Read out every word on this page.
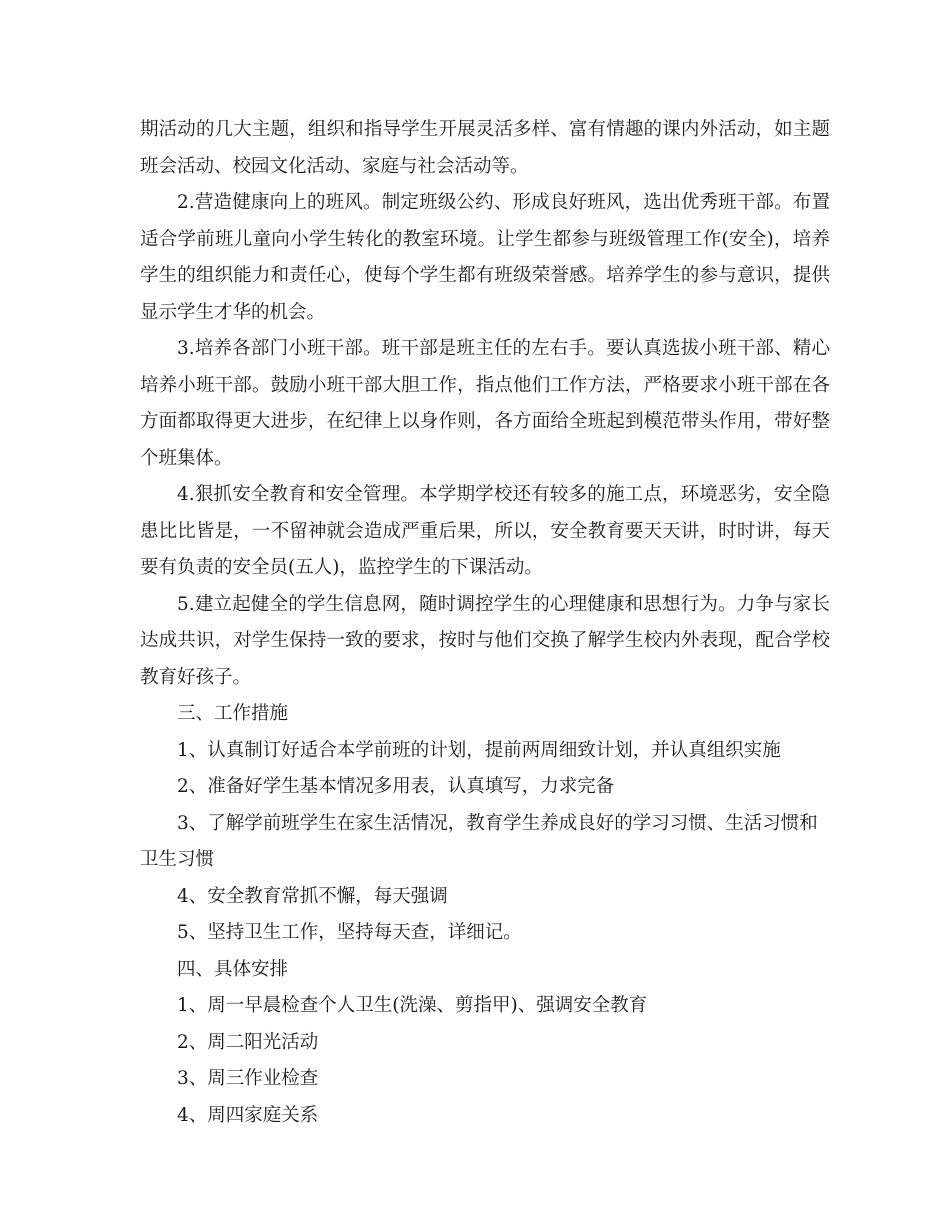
期活动的几大主题，组织和指导学生开展灵活多样、富有情趣的课内外活动，如主题班会活动、校园文化活动、家庭与社会活动等。

2.营造健康向上的班风。制定班级公约、形成良好班风，选出优秀班干部。布置适合学前班儿童向小学生转化的教室环境。让学生都参与班级管理工作(安全)，培养学生的组织能力和责任心，使每个学生都有班级荣誉感。培养学生的参与意识，提供显示学生才华的机会。

3.培养各部门小班干部。班干部是班主任的左右手。要认真选拔小班干部、精心培养小班干部。鼓励小班干部大胆工作，指点他们工作方法，严格要求小班干部在各方面都取得更大进步，在纪律上以身作则，各方面给全班起到模范带头作用，带好整个班集体。

4.狠抓安全教育和安全管理。本学期学校还有较多的施工点，环境恶劣，安全隐患比比皆是，一不留神就会造成严重后果，所以，安全教育要天天讲，时时讲，每天要有负责的安全员(五人)，监控学生的下课活动。

5.建立起健全的学生信息网，随时调控学生的心理健康和思想行为。力争与家长达成共识，对学生保持一致的要求，按时与他们交换了解学生校内外表现，配合学校教育好孩子。

三、工作措施

1、认真制订好适合本学前班的计划，提前两周细致计划，并认真组织实施

2、准备好学生基本情况多用表，认真填写，力求完备

3、了解学前班学生在家生活情况，教育学生养成良好的学习习惯、生活习惯和卫生习惯

4、安全教育常抓不懈，每天强调

5、坚持卫生工作，坚持每天查，详细记。

四、具体安排

1、周一早晨检查个人卫生(洗澡、剪指甲)、强调安全教育

2、周二阳光活动

3、周三作业检查

4、周四家庭关系
